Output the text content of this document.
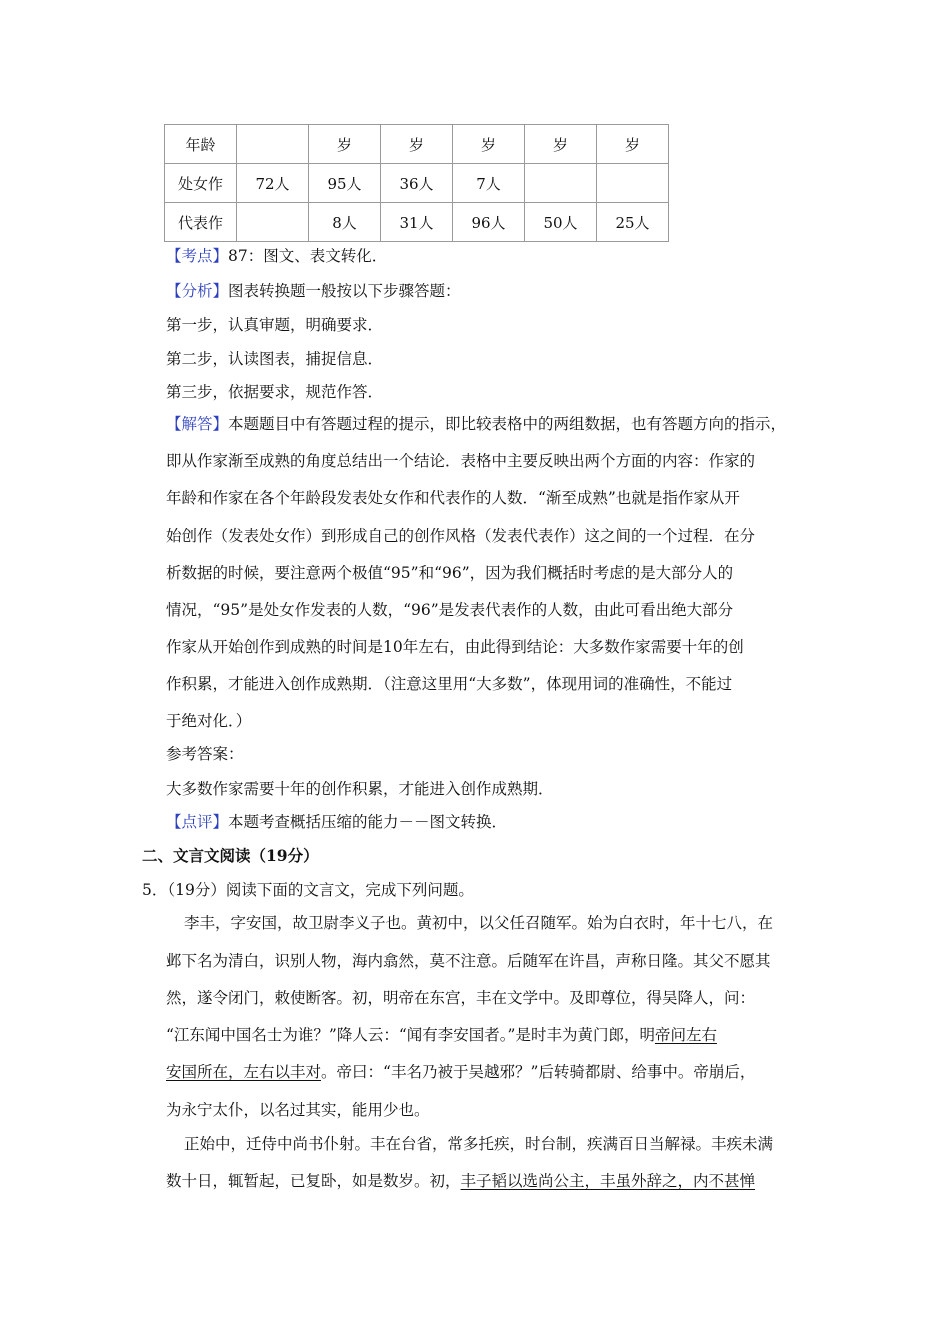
年龄		岁	岁	岁	岁	岁
处女作	72人	95人	36人	7人		
代表作		8人	31人	96人	50人	25人
【考点】87：图文、表文转化．
【分析】图表转换题一般按以下步骤答题：
第一步，认真审题，明确要求．
第二步，认读图表，捕捉信息．
第三步，依据要求，规范作答．
【解答】本题题目中有答题过程的提示，即比较表格中的两组数据，也有答题方向的指示，
即从作家渐至成熟的角度总结出一个结论．表格中主要反映出两个方面的内容：作家的
年龄和作家在各个年龄段发表处女作和代表作的人数．“渐至成熟”也就是指作家从开
始创作（发表处女作）到形成自己的创作风格（发表代表作）这之间的一个过程．在分
析数据的时候，要注意两个极值“95”和“96”，因为我们概括时考虑的是大部分人的
情况，“95”是处女作发表的人数，“96”是发表代表作的人数，由此可看出绝大部分
作家从开始创作到成熟的时间是10年左右，由此得到结论：大多数作家需要十年的创
作积累，才能进入创作成熟期．（注意这里用“大多数”，体现用词的准确性，不能过
于绝对化．）
参考答案：
大多数作家需要十年的创作积累，才能进入创作成熟期．
【点评】本题考查概括压缩的能力－－图文转换．
二、文言文阅读（19分）
5．（19分）阅读下面的文言文，完成下列问题。
李丰，字安国，故卫尉李义子也。黄初中，以父任召随军。始为白衣时，年十七八，在
邺下名为清白，识别人物，海内翕然，莫不注意。后随军在许昌，声称日隆。其父不愿其
然，遂令闭门，敕使断客。初，明帝在东宫，丰在文学中。及即尊位，得吴降人，问：
“江东闻中国名士为谁？”降人云：“闻有李安国者。”是时丰为黄门郎，明帝问左右
安国所在，左右以丰对。帝曰：“丰名乃被于吴越邪？”后转骑都尉、给事中。帝崩后，
为永宁太仆，以名过其实，能用少也。
正始中，迁侍中尚书仆射。丰在台省，常多托疾，时台制，疾满百日当解禄。丰疾未满
数十日，辄暂起，已复卧，如是数岁。初，丰子韬以选尚公主，丰虽外辞之，内不甚惮
